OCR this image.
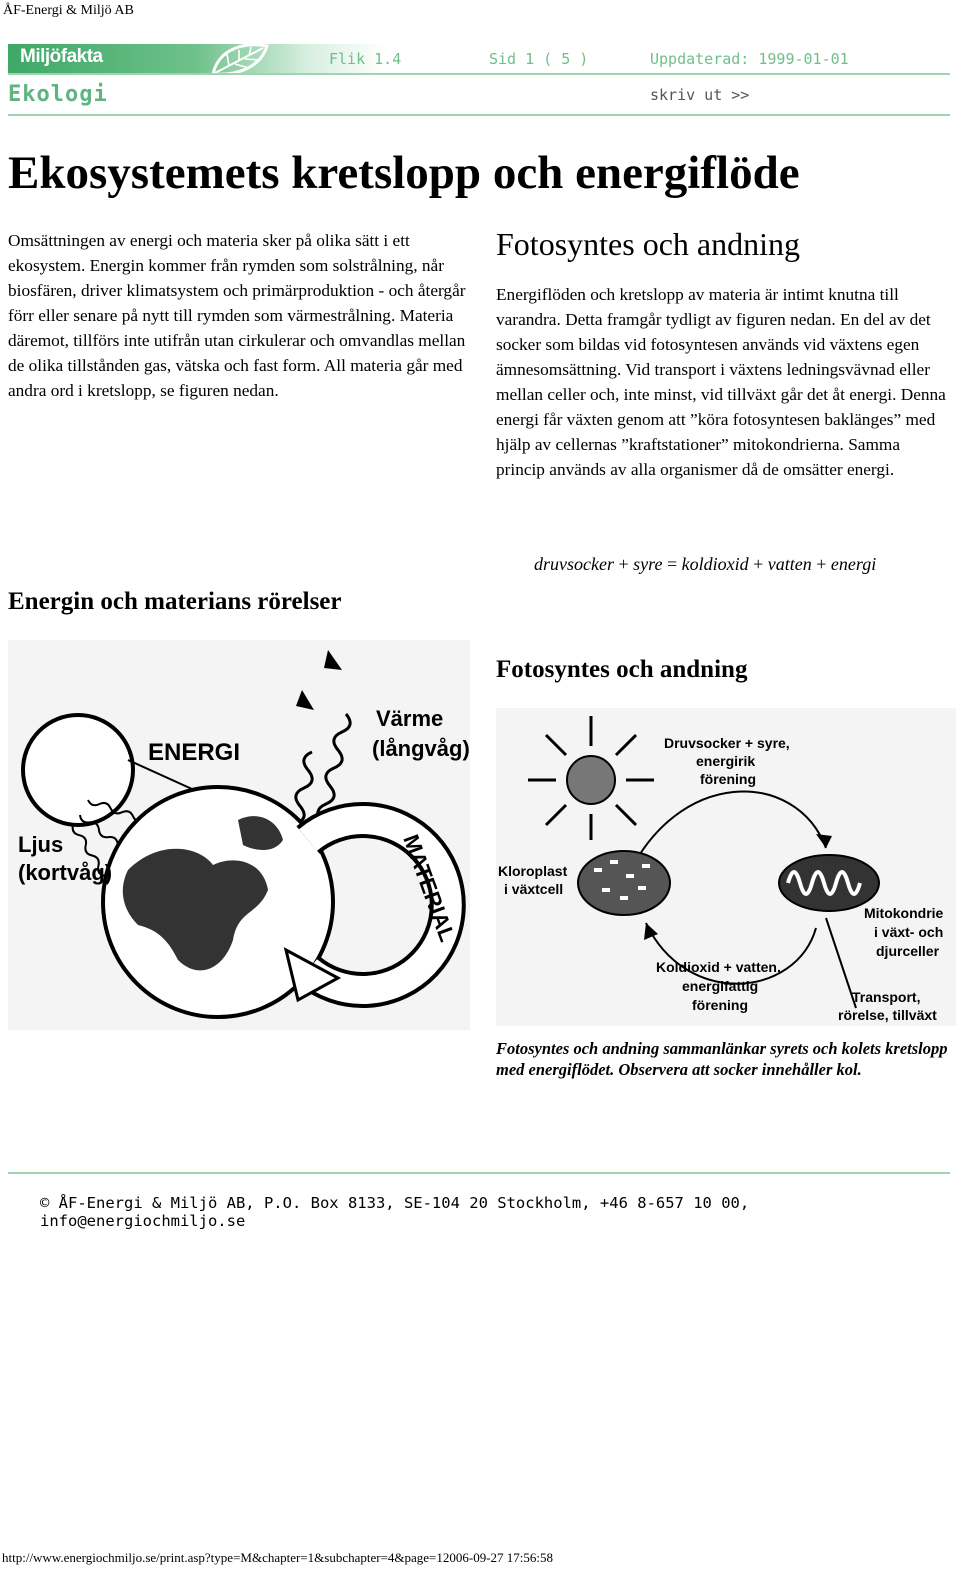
ÅF-Energi & Miljö AB
Miljöfakta	Flik 1.4	Sid 1 ( 5 )	Uppdaterad: 1999-01-01
Ekologi	skriv ut >>
Ekosystemets kretslopp och energiflöde
Omsättningen av energi och materia sker på olika sätt i ett ekosystem. Energin kommer från rymden som solstrålning, når biosfären, driver klimatsystem och primärproduktion - och återgår förr eller senare på nytt till rymden som värmestrålning. Materia däremot, tillförs inte utifrån utan cirkulerar och omvandlas mellan de olika tillstånden gas, vätska och fast form. All materia går med andra ord i kretslopp, se figuren nedan.
Fotosyntes och andning
Energiflöden och kretslopp av materia är intimt knutna till varandra. Detta framgår tydligt av figuren nedan. En del av det socker som bildas vid fotosyntesen används vid växtens egen ämnesomsättning. Vid transport i växtens ledningsvävnad eller mellan celler och, inte minst, vid tillväxt går det åt energi. Denna energi får växten genom att ”köra fotosyntesen baklänges” med hjälp av cellernas ”kraftstationer” mitokondrierna. Samma princip används av alla organismer då de omsätter energi.
druvsocker + syre = koldioxid + vatten + energi
Energin och materians rörelser
ENERGI
Värme
(långvåg)
Ljus
(kortvåg)	MATERIAL
Fotosyntes och andning
Druvsocker + syre,
energirik
förening
Kloroplast
i växtcell
Mitokondrie
i växt- och
djurceller
Koldioxid + vatten,
energifattig
förening	Transport,
rörelse, tillväxt
Fotosyntes och andning sammanlänkar syrets och kolets kretslopp med energiflödet. Observera att socker innehåller kol.
© ÅF-Energi & Miljö AB, P.O. Box 8133, SE-104 20 Stockholm, +46 8-657 10 00, info@energiochmiljo.se
http://www.energiochmiljo.se/print.asp?type=M&chapter=1&subchapter=4&page=12006-09-27 17:56:58
